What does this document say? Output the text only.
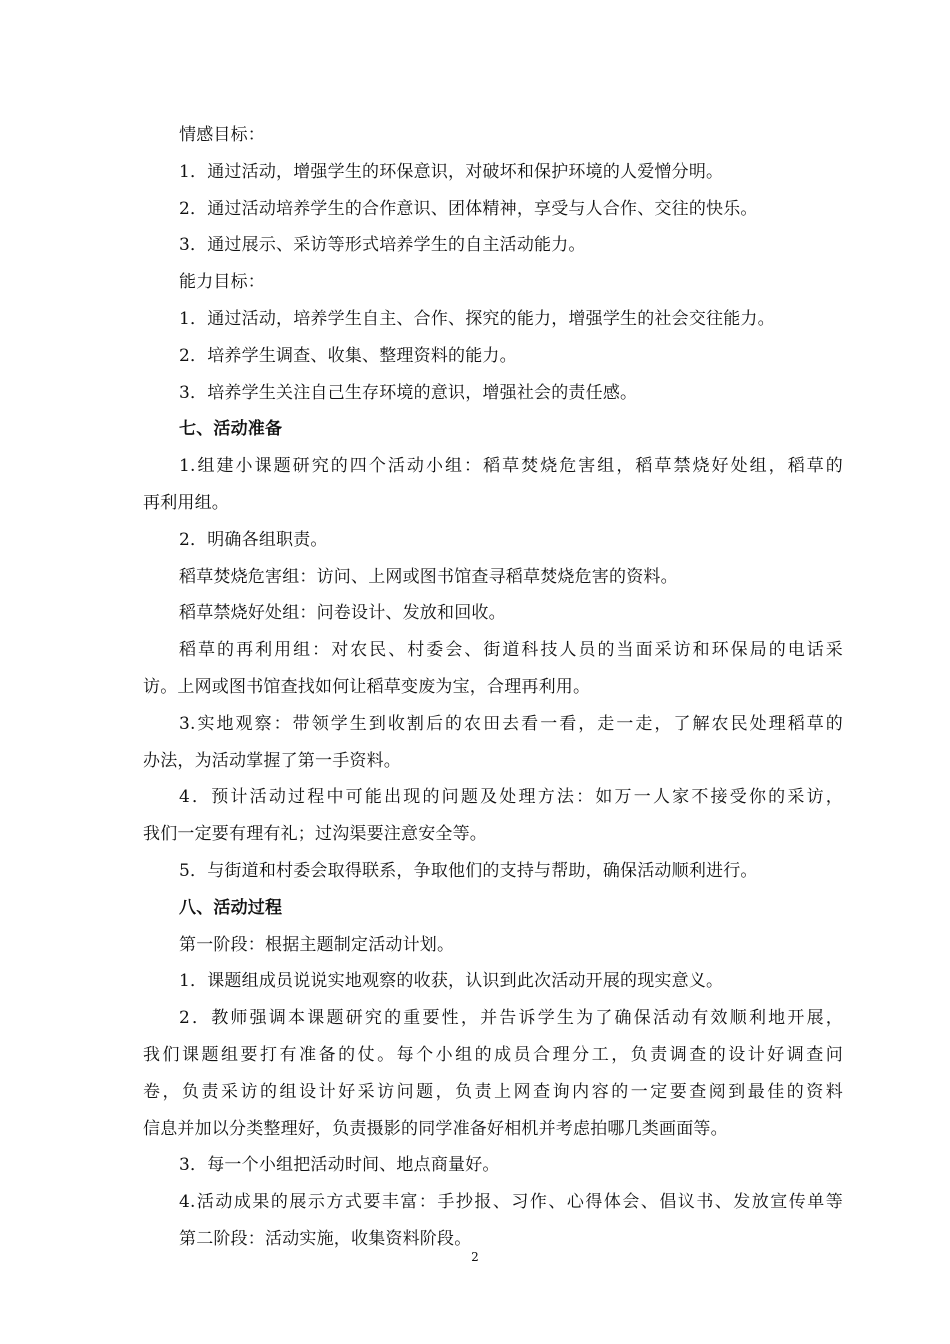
情感目标：
1．通过活动，增强学生的环保意识，对破坏和保护环境的人爱憎分明。
2．通过活动培养学生的合作意识、团体精神，享受与人合作、交往的快乐。
3．通过展示、采访等形式培养学生的自主活动能力。
能力目标：
1．通过活动，培养学生自主、合作、探究的能力，增强学生的社会交往能力。
2．培养学生调查、收集、整理资料的能力。
3．培养学生关注自己生存环境的意识，增强社会的责任感。
七、活动准备
1.组建小课题研究的四个活动小组：稻草焚烧危害组，稻草禁烧好处组，稻草的
再利用组。
2．明确各组职责。
稻草焚烧危害组：访问、上网或图书馆查寻稻草焚烧危害的资料。
稻草禁烧好处组：问卷设计、发放和回收。
稻草的再利用组：对农民、村委会、街道科技人员的当面采访和环保局的电话采
访。上网或图书馆查找如何让稻草变废为宝，合理再利用。
3.实地观察：带领学生到收割后的农田去看一看，走一走，了解农民处理稻草的
办法，为活动掌握了第一手资料。
4．预计活动过程中可能出现的问题及处理方法：如万一人家不接受你的采访，
我们一定要有理有礼；过沟渠要注意安全等。
5．与街道和村委会取得联系，争取他们的支持与帮助，确保活动顺利进行。
八、活动过程
第一阶段：根据主题制定活动计划。
1．课题组成员说说实地观察的收获，认识到此次活动开展的现实意义。
2．教师强调本课题研究的重要性，并告诉学生为了确保活动有效顺利地开展，
我们课题组要打有准备的仗。每个小组的成员合理分工，负责调查的设计好调查问
卷，负责采访的组设计好采访问题，负责上网查询内容的一定要查阅到最佳的资料
信息并加以分类整理好，负责摄影的同学准备好相机并考虑拍哪几类画面等。
3．每一个小组把活动时间、地点商量好。
4.活动成果的展示方式要丰富：手抄报、习作、心得体会、倡议书、发放宣传单等
第二阶段：活动实施，收集资料阶段。
2
